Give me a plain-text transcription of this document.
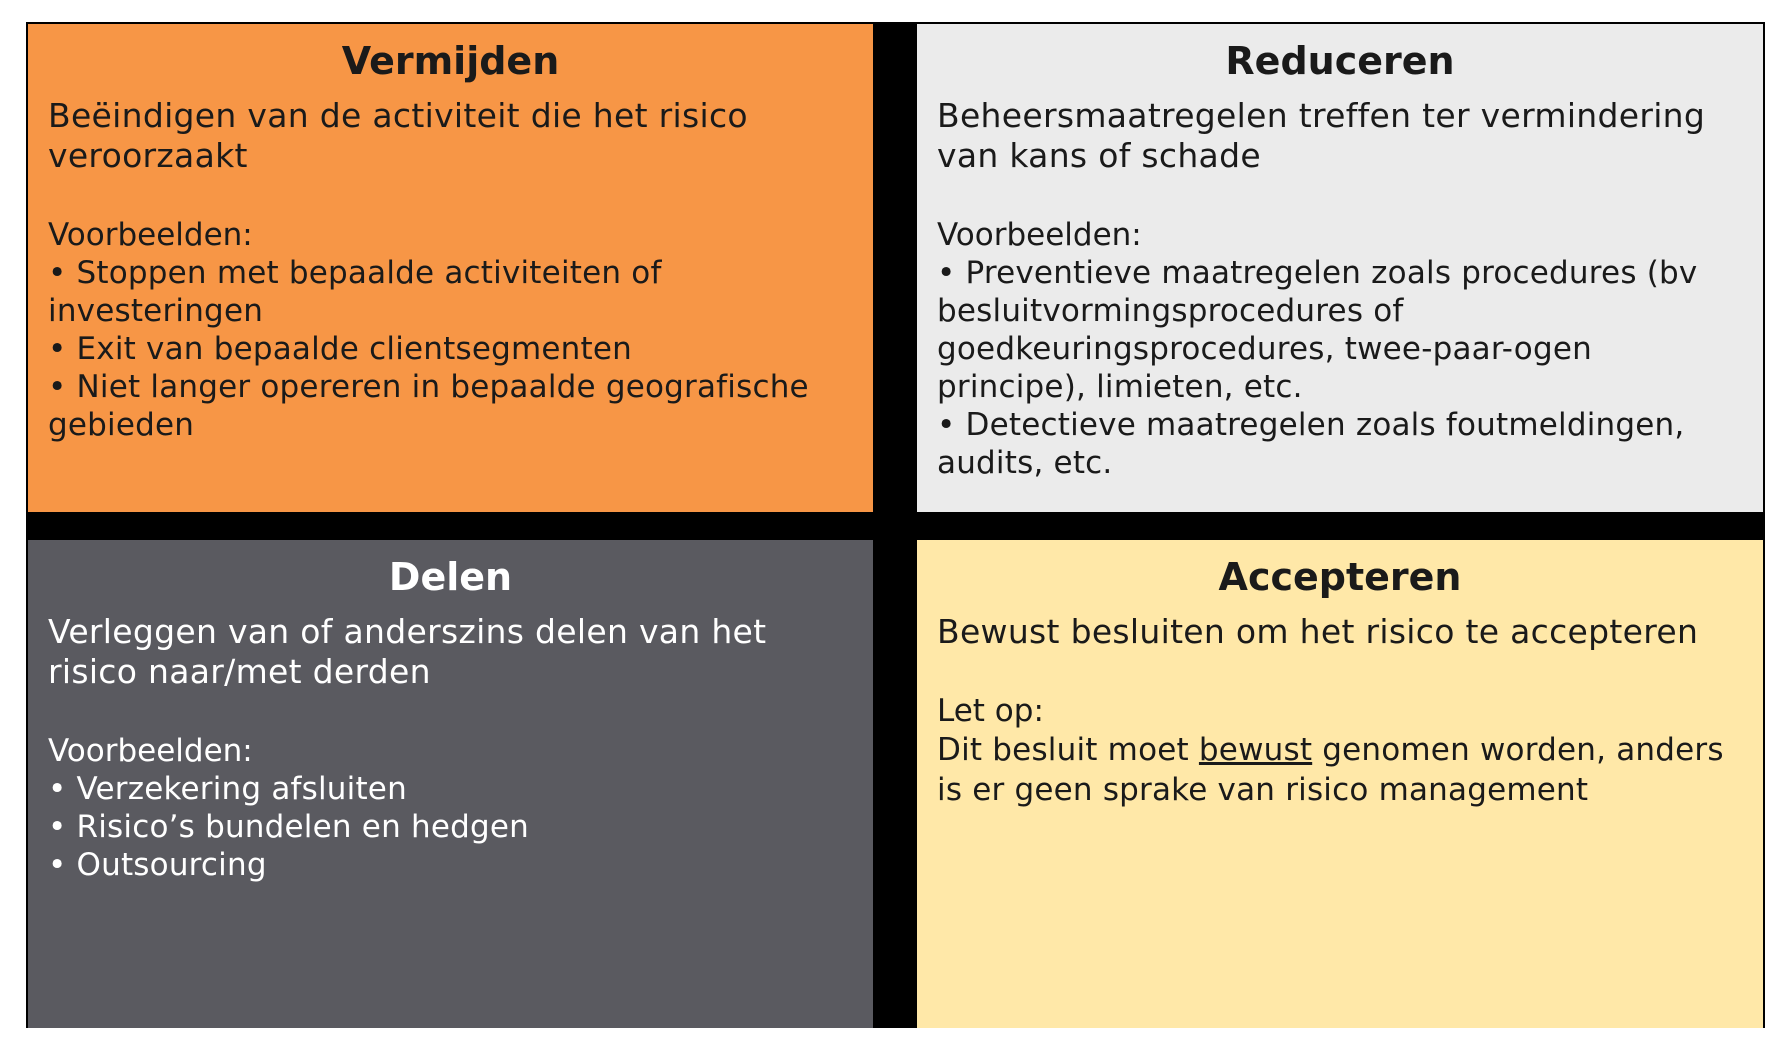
Vermijden

Beëindigen van de activiteit die het risico veroorzaakt

Voorbeelden:

• Stoppen met bepaalde activiteiten of investeringen
• Exit van bepaalde clientsegmenten
• Niet langer opereren in bepaalde geografische gebieden
Reduceren

Beheersmaatregelen treffen ter vermindering van kans of schade

Voorbeelden:

• Preventieve maatregelen zoals procedures (bv besluitvormingsprocedures of goedkeuringsprocedures, twee-paar-ogen principe), limieten, etc.
• Detectieve maatregelen zoals foutmeldingen, audits, etc.
Delen

Verleggen van of anderszins delen van het risico naar/met derden

Voorbeelden:

• Verzekering afsluiten
• Risico’s bundelen en hedgen
• Outsourcing
Accepteren

Bewust besluiten om het risico te accepteren

Let op:

Dit besluit moet bewust genomen worden, anders is er geen sprake van risico management
